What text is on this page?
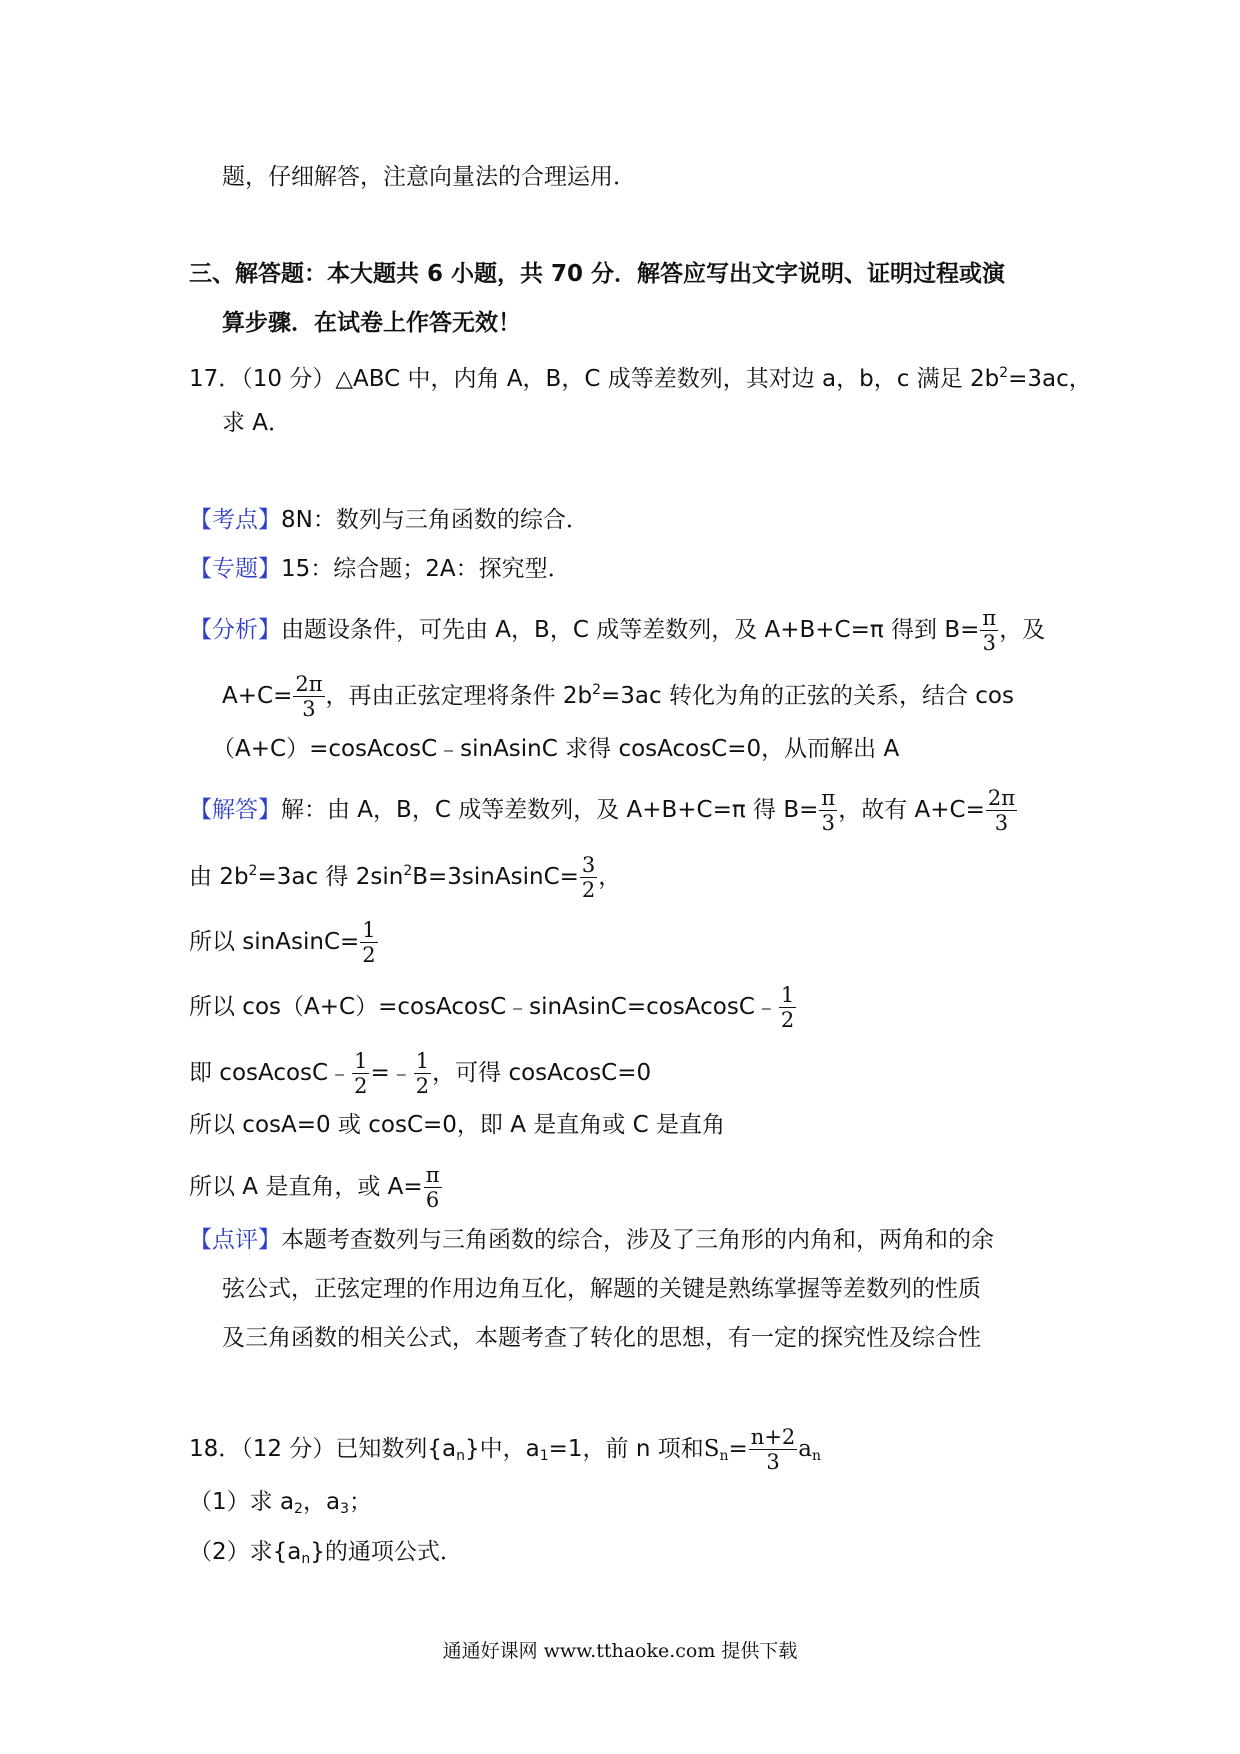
题，仔细解答，注意向量法的合理运用．
三、解答题：本大题共 6 小题，共 70 分．解答应写出文字说明、证明过程或演
算步骤．在试卷上作答无效！
17．（10 分）△ABC 中，内角 A，B，C 成等差数列，其对边 a，b，c 满足 $2b^2=3ac$，
求 A．
【考点】8N：数列与三角函数的综合．
【专题】15：综合题；2A：探究型．
【分析】由题设条件，可先由 A，B，C 成等差数列，及 A+B+C=π 得到 $B= \frac{\pi}{3}$ ，及
$A+C= \frac{2\pi}{3}$ ，再由正弦定理将条件 $2b^2=3ac$ 转化为角的正弦的关系，结合 cos
（A+C）=cosAcosC﹣sinAsinC 求得 cosAcosC=0，从而解出 A
【解答】解：由 A，B，C 成等差数列，及 A+B+C=π 得 $B= \frac{\pi}{3}$ ，故有 $A+C= \frac{2\pi}{3}$
由 $2b^2=3ac$ 得 $2\sin^2B=3sinAsinC= \frac{3}{2}$ ，
所以 sinAsinC= $\frac{1}{2}$
所以 cos（A+C）=cosAcosC﹣sinAsinC=cosAcosC﹣ $\frac{1}{2}$
即 cosAcosC﹣ $\frac{1}{2}$ =﹣ $\frac{1}{2}$ ，可得 cosAcosC=0
所以 cosA=0 或 cosC=0，即 A 是直角或 C 是直角
所以 A 是直角，或 $A= \frac{\pi}{6}$
【点评】本题考查数列与三角函数的综合，涉及了三角形的内角和，两角和的余
弦公式，正弦定理的作用边角互化，解题的关键是熟练掌握等差数列的性质
及三角函数的相关公式，本题考查了转化的思想，有一定的探究性及综合性
18．（12 分）已知数列$\{a_n\}$中，$a_1=1$，前 n 项和$S_n= \frac{n+2}{3} a_n$
（1）求 $a_2$，$a_3$；
（2）求$\{a_n\}$的通项公式．
通通好课网 www.tthaoke.com 提供下载
